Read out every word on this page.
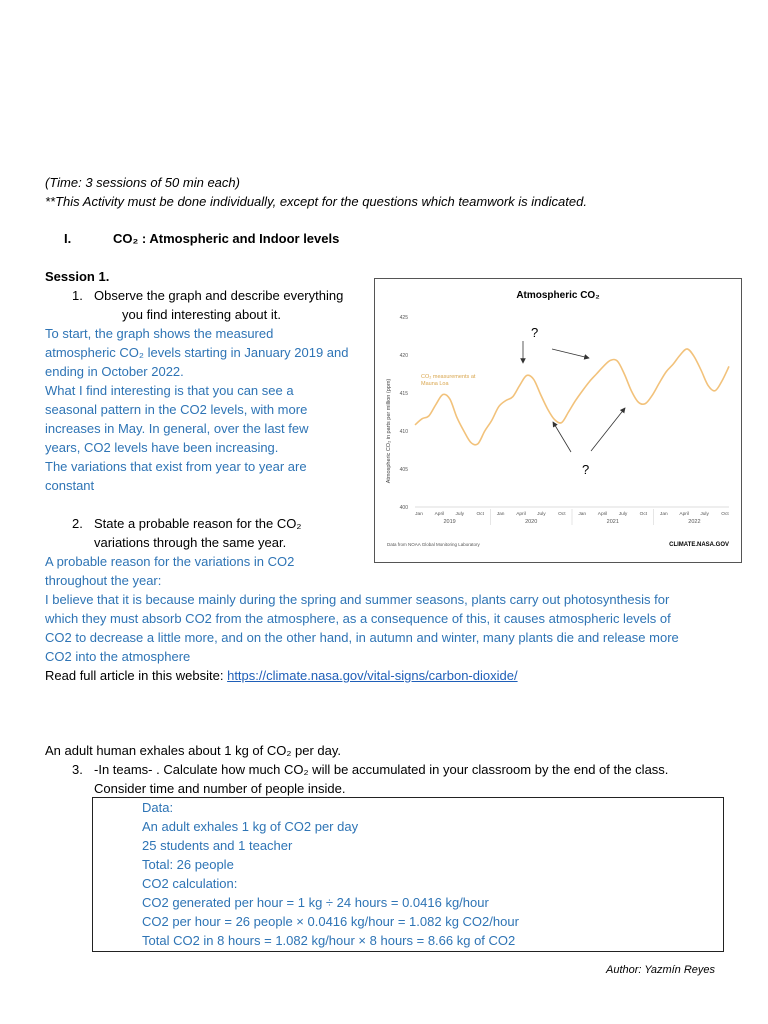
(Time: 3 sessions of 50 min each)
**This Activity must be done individually, except for the questions which teamwork is indicated.
I.	CO₂ : Atmospheric and Indoor levels
Session 1.
1. Observe the graph and describe everything
you find interesting about it.
To start, the graph shows the measured
atmospheric CO₂ levels starting in January 2019 and
ending in October 2022.
What I find interesting is that you can see a
seasonal pattern in the CO2 levels, with more
increases in May. In general, over the last few
years, CO2 levels have been increasing.
The variations that exist from year to year are
constant
2. State a probable reason for the CO₂
variations through the same year.
A probable reason for the variations in CO2
throughout the year:
I believe that it is because mainly during the spring and summer seasons, plants carry out photosynthesis for
which they must absorb CO2 from the atmosphere, as a consequence of this, it causes atmospheric levels of
CO2 to decrease a little more, and on the other hand, in autumn and winter, many plants die and release more
CO2 into the atmosphere
Read full article in this website: https://climate.nasa.gov/vital-signs/carbon-dioxide/
An adult human exhales about 1 kg of CO₂ per day.
3. -In teams- . Calculate how much CO₂ will be accumulated in your classroom by the end of the class.
Consider time and number of people inside.
Data:
An adult exhales 1 kg of CO2 per day
25 students and 1 teacher
Total: 26 people
CO2 calculation:
CO2 generated per hour = 1 kg ÷ 24 hours = 0.0416 kg/hour
CO2 per hour = 26 people × 0.0416 kg/hour = 1.082 kg CO2/hour
Total CO2 in 8 hours = 1.082 kg/hour × 8 hours = 8.66 kg of CO2
Author: Yazmín Reyes
Atmospheric CO₂
Atmospheric CO₂ in parts per million (ppm)
425
420
415
410
405
400
Jan April July	Oct	Jan April July	Oct	Jan April July	Oct	Jan April July	Oct
2019	2020	2021	2022
CO₂ measurements at Mauna Loa
?
?
Data from NOAA Global Monitoring Laboratory	CLIMATE.NASA.GOV
